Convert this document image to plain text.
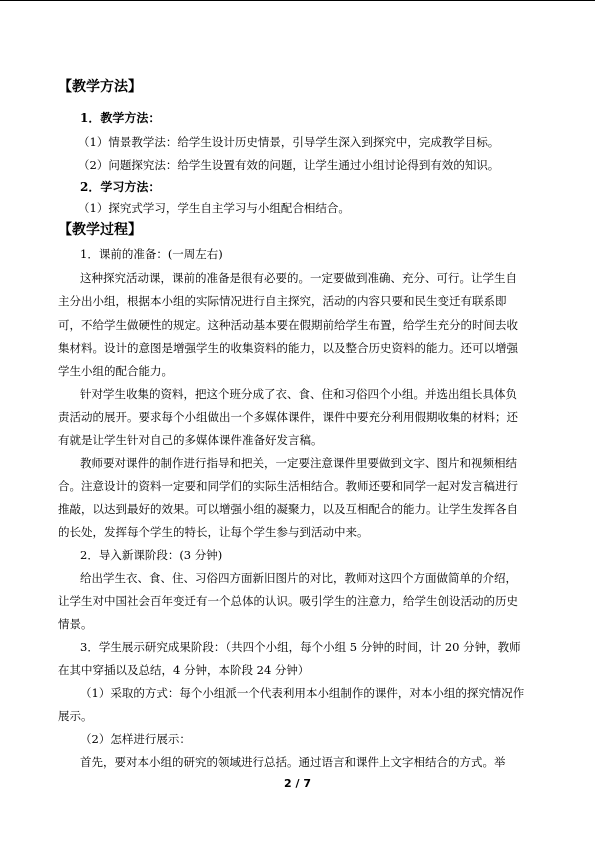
【教学方法】
1．教学方法：
（1）情景教学法：给学生设计历史情景，引导学生深入到探究中，完成教学目标。
（2）问题探究法：给学生设置有效的问题，让学生通过小组讨论得到有效的知识。
2．学习方法：
（1）探究式学习，学生自主学习与小组配合相结合。
【教学过程】
1．课前的准备：(一周左右)
这种探究活动课，课前的准备是很有必要的。一定要做到准确、充分、可行。让学生自
主分出小组，根据本小组的实际情况进行自主探究，活动的内容只要和民生变迁有联系即
可，不给学生做硬性的规定。这种活动基本要在假期前给学生布置，给学生充分的时间去收
集材料。设计的意图是增强学生的收集资料的能力，以及整合历史资料的能力。还可以增强
学生小组的配合能力。
针对学生收集的资料，把这个班分成了衣、食、住和习俗四个小组。并选出组长具体负
责活动的展开。要求每个小组做出一个多媒体课件，课件中要充分利用假期收集的材料；还
有就是让学生针对自己的多媒体课件准备好发言稿。
教师要对课件的制作进行指导和把关，一定要注意课件里要做到文字、图片和视频相结
合。注意设计的资料一定要和同学们的实际生活相结合。教师还要和同学一起对发言稿进行
推敲，以达到最好的效果。可以增强小组的凝聚力，以及互相配合的能力。让学生发挥各自
的长处，发挥每个学生的特长，让每个学生参与到活动中来。
2．导入新课阶段：(3 分钟)
给出学生衣、食、住、习俗四方面新旧图片的对比，教师对这四个方面做简单的介绍，
让学生对中国社会百年变迁有一个总体的认识。吸引学生的注意力，给学生创设活动的历史
情景。
3．学生展示研究成果阶段：（共四个小组，每个小组 5 分钟的时间，计 20 分钟，教师
在其中穿插以及总结，4 分钟，本阶段 24 分钟）
（1）采取的方式：每个小组派一个代表利用本小组制作的课件，对本小组的探究情况作
展示。
（2）怎样进行展示：
首先，要对本小组的研究的领域进行总括。通过语言和课件上文字相结合的方式。举
2 / 7
